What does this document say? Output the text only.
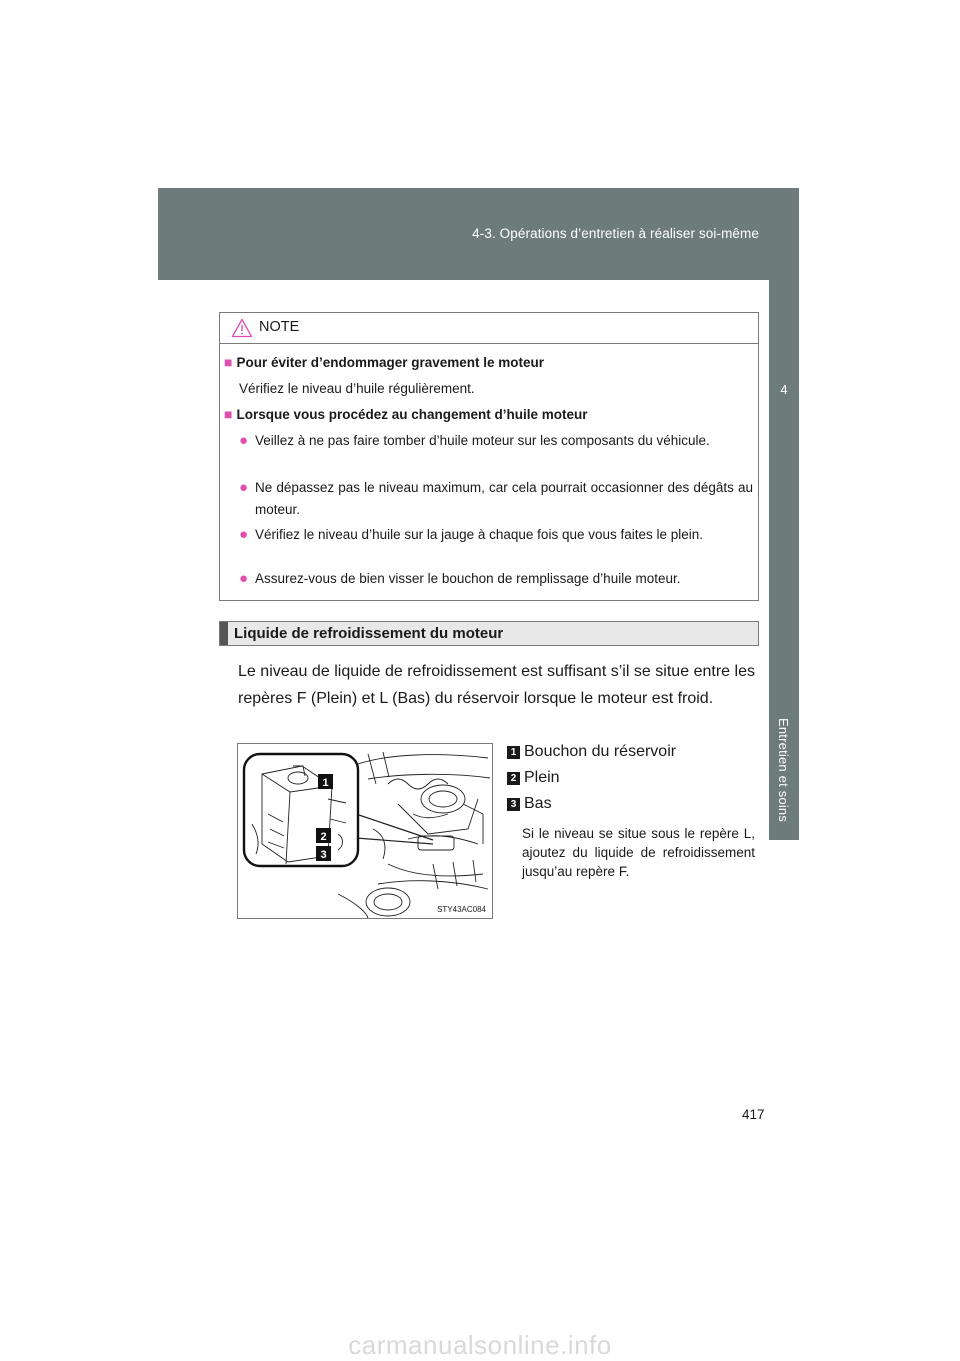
4-3. Opérations d’entretien à réaliser soi-même
4
Entretien et soins
NOTE
■ Pour éviter d’endommager gravement le moteur
Vérifiez le niveau d’huile régulièrement.
■ Lorsque vous procédez au changement d’huile moteur
● Veillez à ne pas faire tomber d’huile moteur sur les composants du véhicule.
● Ne dépassez pas le niveau maximum, car cela pourrait occasionner des dégâts au moteur.
● Vérifiez le niveau d’huile sur la jauge à chaque fois que vous faites le plein.
● Assurez-vous de bien visser le bouchon de remplissage d’huile moteur.
Liquide de refroidissement du moteur
Le niveau de liquide de refroidissement est suffisant s’il se situe entre les repères F (Plein) et L (Bas) du réservoir lorsque le moteur est froid.
1
2
3
STY43AC084
1 Bouchon du réservoir
2 Plein
3 Bas
Si le niveau se situe sous le repère L, ajoutez du liquide de refroidissement jusqu’au repère F.
417
carmanualsonline.info
